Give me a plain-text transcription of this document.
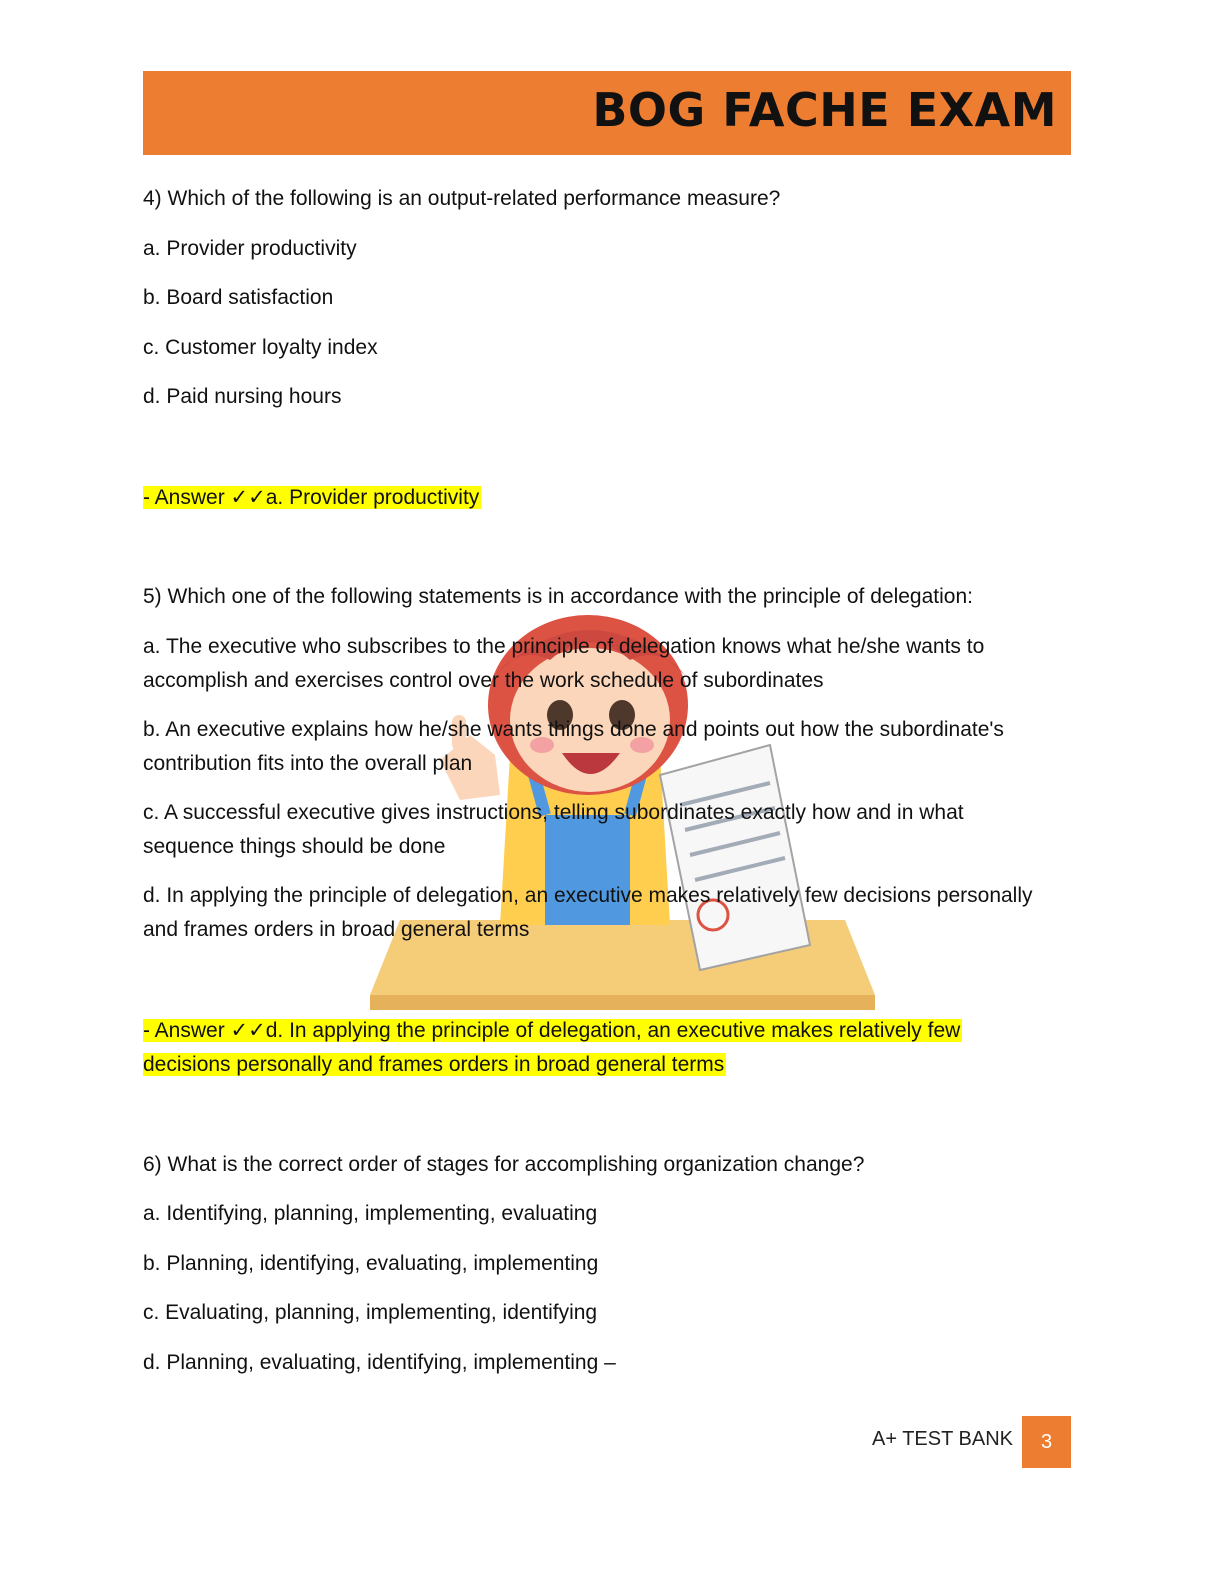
BOG FACHE EXAM

4) Which of the following is an output-related performance measure?

a. Provider productivity

b. Board satisfaction

c. Customer loyalty index

d. Paid nursing hours

- Answer ✓✓a. Provider productivity

5) Which one of the following statements is in accordance with the principle of delegation:

a. The executive who subscribes to the principle of delegation knows what he/she wants to

accomplish and exercises control over the work schedule of subordinates

b. An executive explains how he/she wants things done and points out how the subordinate's

contribution fits into the overall plan

c. A successful executive gives instructions, telling subordinates exactly how and in what

sequence things should be done

d. In applying the principle of delegation, an executive makes relatively few decisions personally

and frames orders in broad general terms

- Answer ✓✓d. In applying the principle of delegation, an executive makes relatively few

decisions personally and frames orders in broad general terms

6) What is the correct order of stages for accomplishing organization change?

a. Identifying, planning, implementing, evaluating

b. Planning, identifying, evaluating, implementing

c. Evaluating, planning, implementing, identifying

d. Planning, evaluating, identifying, implementing –

A+ TEST BANK	3
